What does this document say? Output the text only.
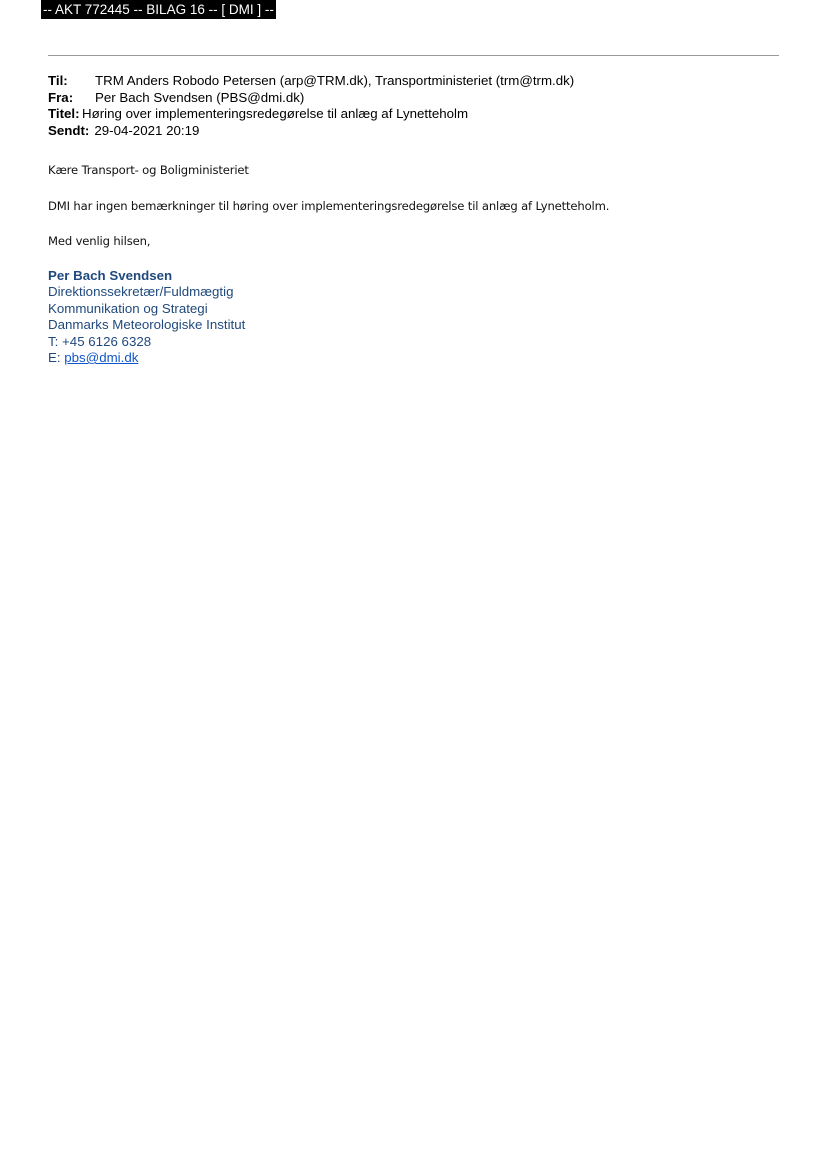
-- AKT 772445 -- BILAG 16 -- [ DMI ] --
Til:	TRM Anders Robodo Petersen (arp@TRM.dk), Transportministeriet (trm@trm.dk)
Fra:	Per Bach Svendsen (PBS@dmi.dk)
Titel: Høring over implementeringsredegørelse til anlæg af Lynetteholm
Sendt: 29-04-2021 20:19
Kære Transport- og Boligministeriet
DMI har ingen bemærkninger til høring over implementeringsredegørelse til anlæg af Lynetteholm.
Med venlig hilsen,
Per Bach Svendsen
Direktionssekretær/Fuldmægtig
Kommunikation og Strategi
Danmarks Meteorologiske Institut
T: +45 6126 6328
E: pbs@dmi.dk
